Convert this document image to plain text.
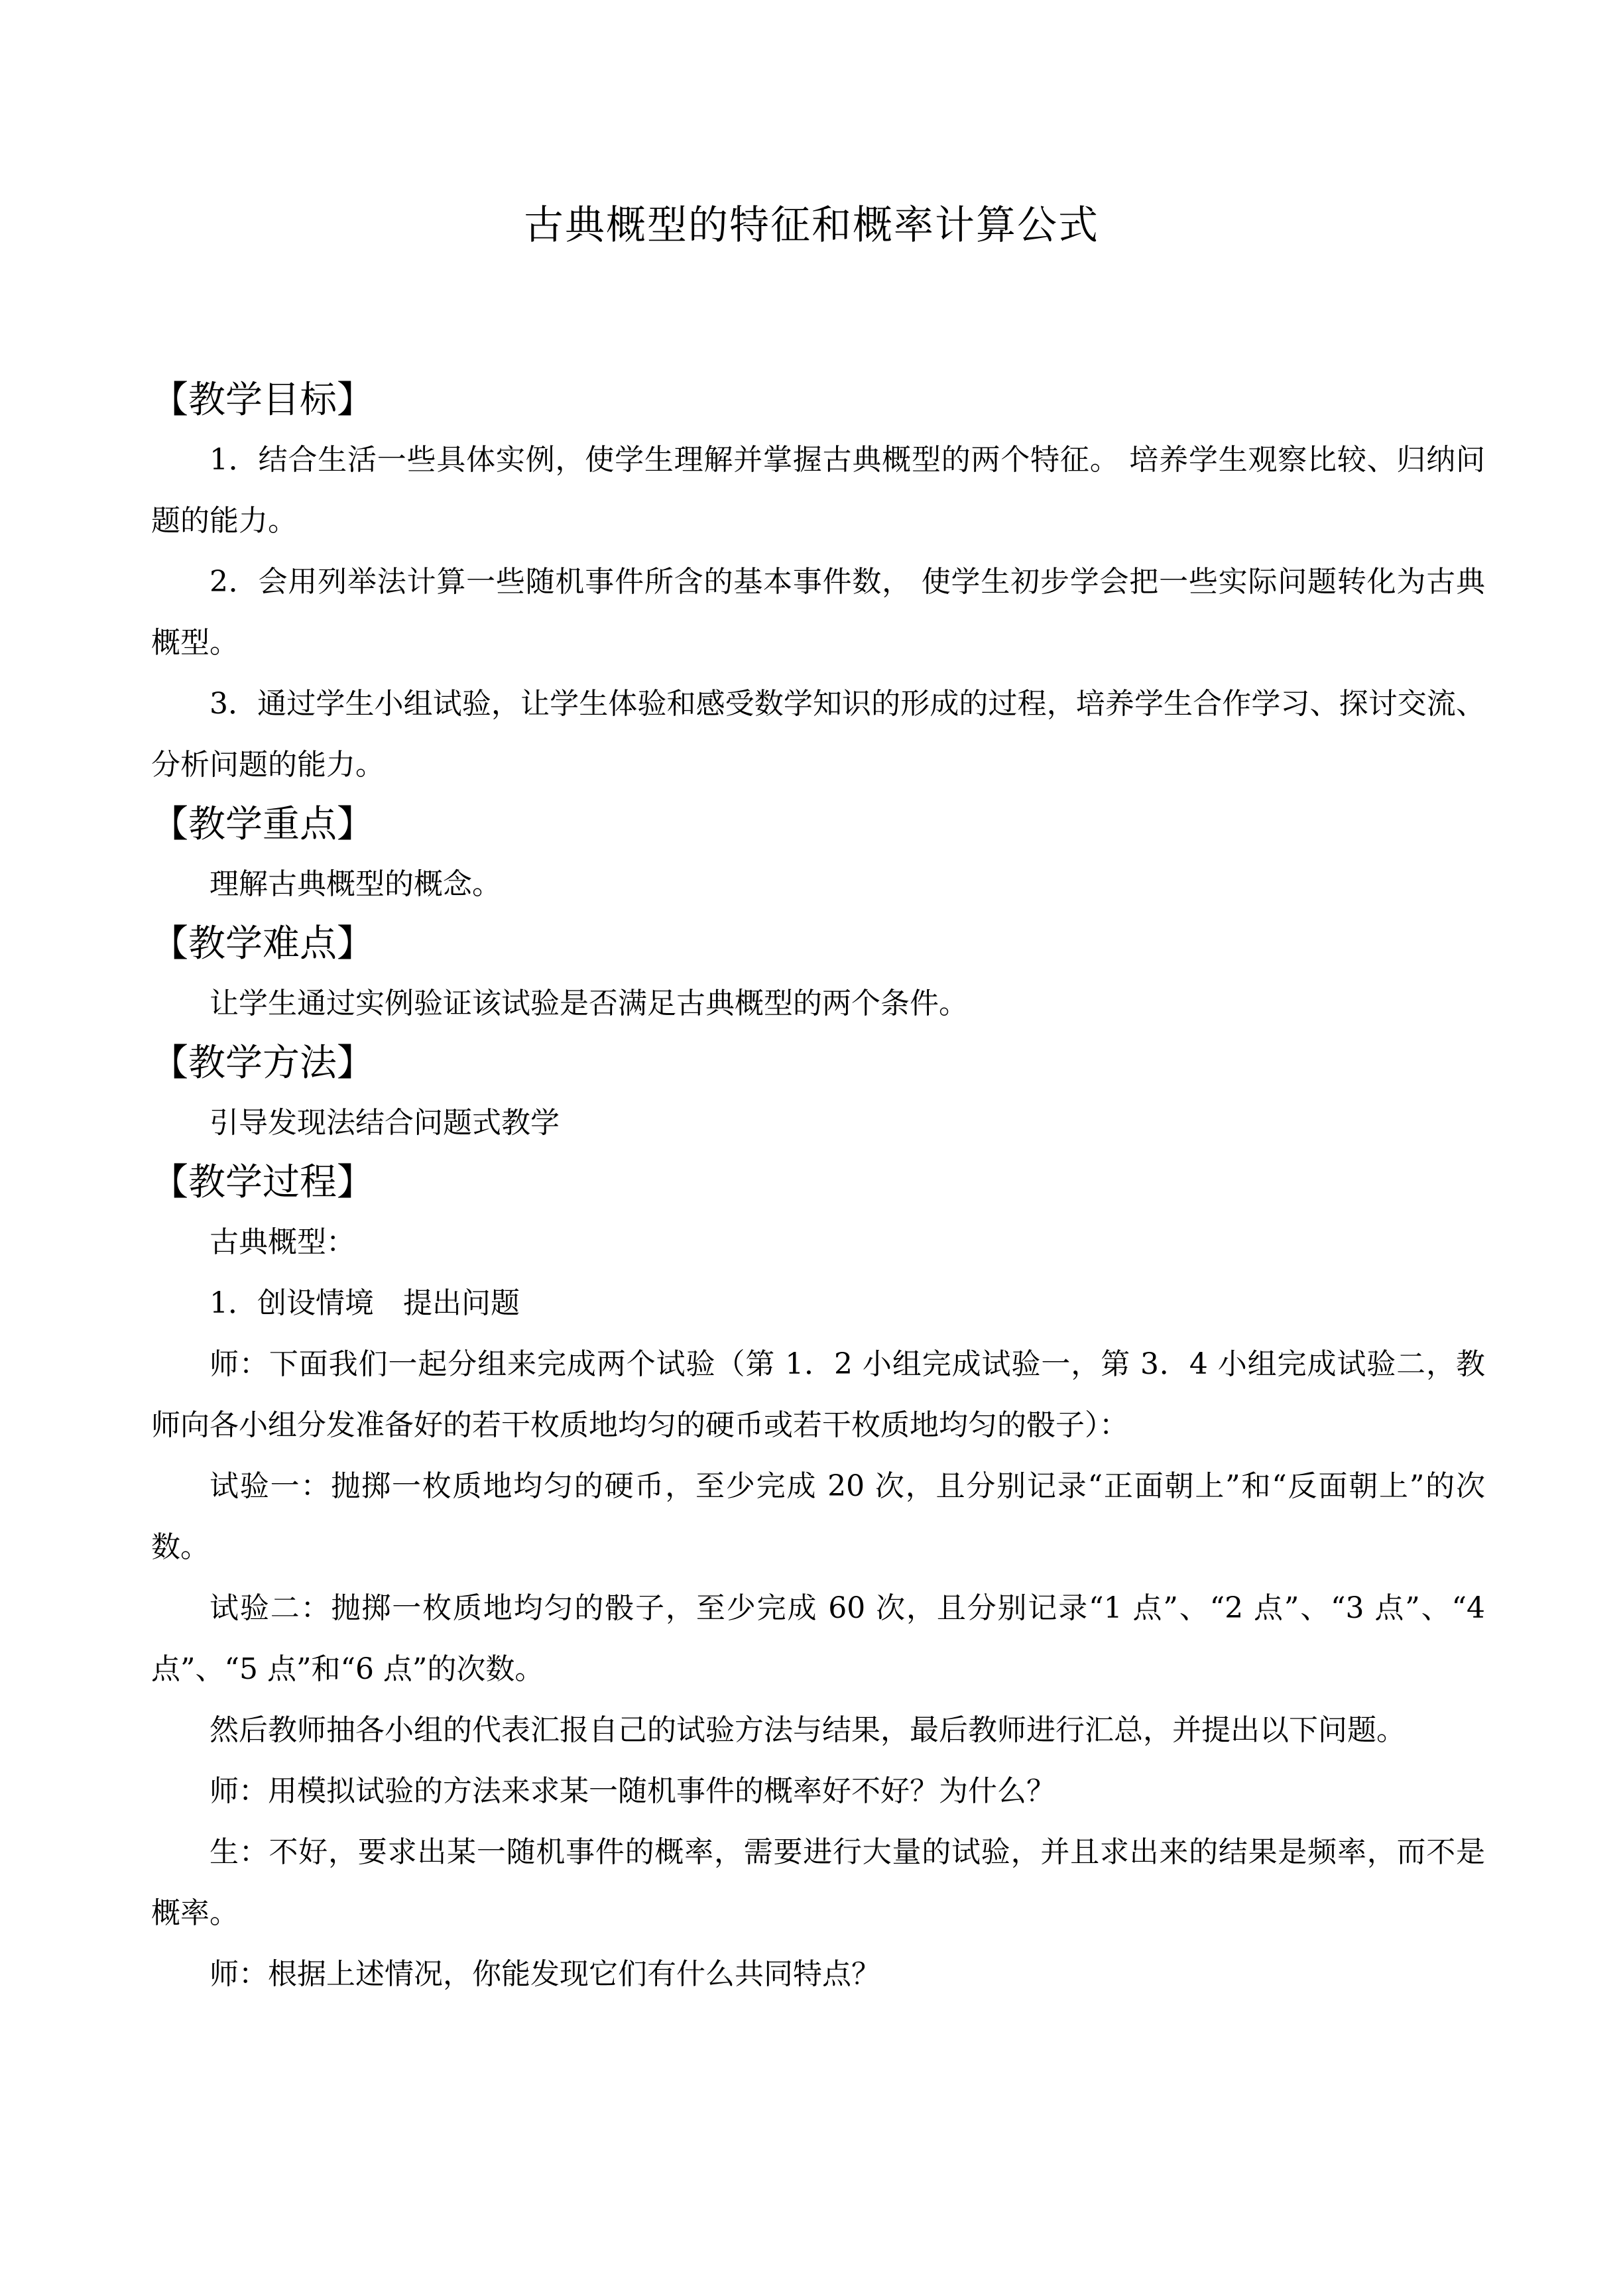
古典概型的特征和概率计算公式
【教学目标】

1．结合生活一些具体实例，使学生理解并掌握古典概型的两个特征。 培养学生观察比较、归纳问题的能力。

2．会用列举法计算一些随机事件所含的基本事件数， 使学生初步学会把一些实际问题转化为古典概型。

3．通过学生小组试验，让学生体验和感受数学知识的形成的过程，培养学生合作学习、探讨交流、分析问题的能力。

【教学重点】

理解古典概型的概念。

【教学难点】

让学生通过实例验证该试验是否满足古典概型的两个条件。

【教学方法】

引导发现法结合问题式教学

【教学过程】

古典概型：

1．创设情境　提出问题

师：下面我们一起分组来完成两个试验（第 1．2 小组完成试验一，第 3．4 小组完成试验二，教师向各小组分发准备好的若干枚质地均匀的硬币或若干枚质地均匀的骰子）：

试验一：抛掷一枚质地均匀的硬币，至少完成 20 次，且分别记录“正面朝上”和“反面朝上”的次数。

试验二：抛掷一枚质地均匀的骰子，至少完成 60 次，且分别记录“1 点”、“2 点”、“3 点”、“4 点”、“5 点”和“6 点”的次数。

然后教师抽各小组的代表汇报自己的试验方法与结果，最后教师进行汇总，并提出以下问题。

师：用模拟试验的方法来求某一随机事件的概率好不好？为什么？

生：不好，要求出某一随机事件的概率，需要进行大量的试验，并且求出来的结果是频率，而不是概率。

师：根据上述情况，你能发现它们有什么共同特点？
